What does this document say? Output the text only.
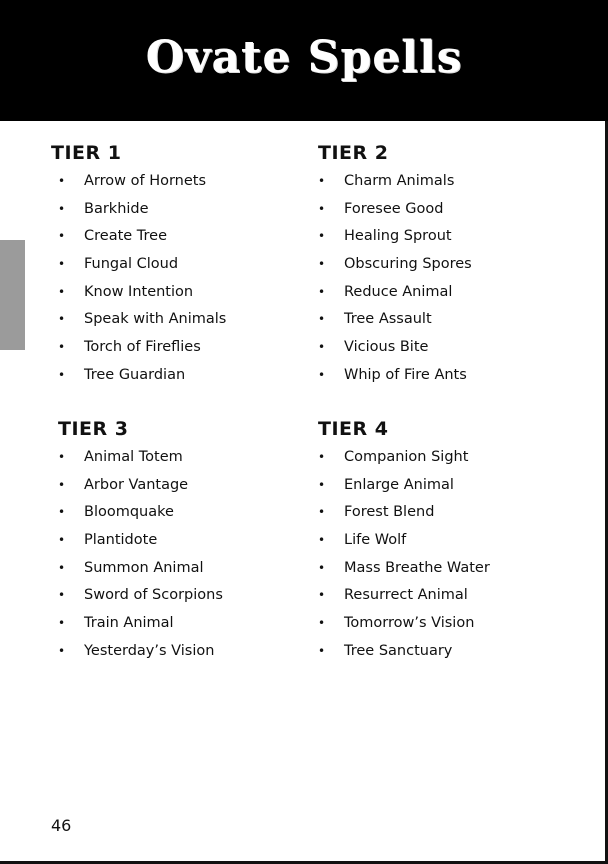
Ovate Spells
TIER 1
• Arrow of Hornets
• Barkhide
• Create Tree
• Fungal Cloud
• Know Intention
• Speak with Animals
• Torch of Fireflies
• Tree Guardian
TIER 2
• Charm Animals
• Foresee Good
• Healing Sprout
• Obscuring Spores
• Reduce Animal
• Tree Assault
• Vicious Bite
• Whip of Fire Ants
TIER 3
• Animal Totem
• Arbor Vantage
• Bloomquake
• Plantidote
• Summon Animal
• Sword of Scorpions
• Train Animal
• Yesterday’s Vision
TIER 4
• Companion Sight
• Enlarge Animal
• Forest Blend
• Life Wolf
• Mass Breathe Water
• Resurrect Animal
• Tomorrow’s Vision
• Tree Sanctuary
46
